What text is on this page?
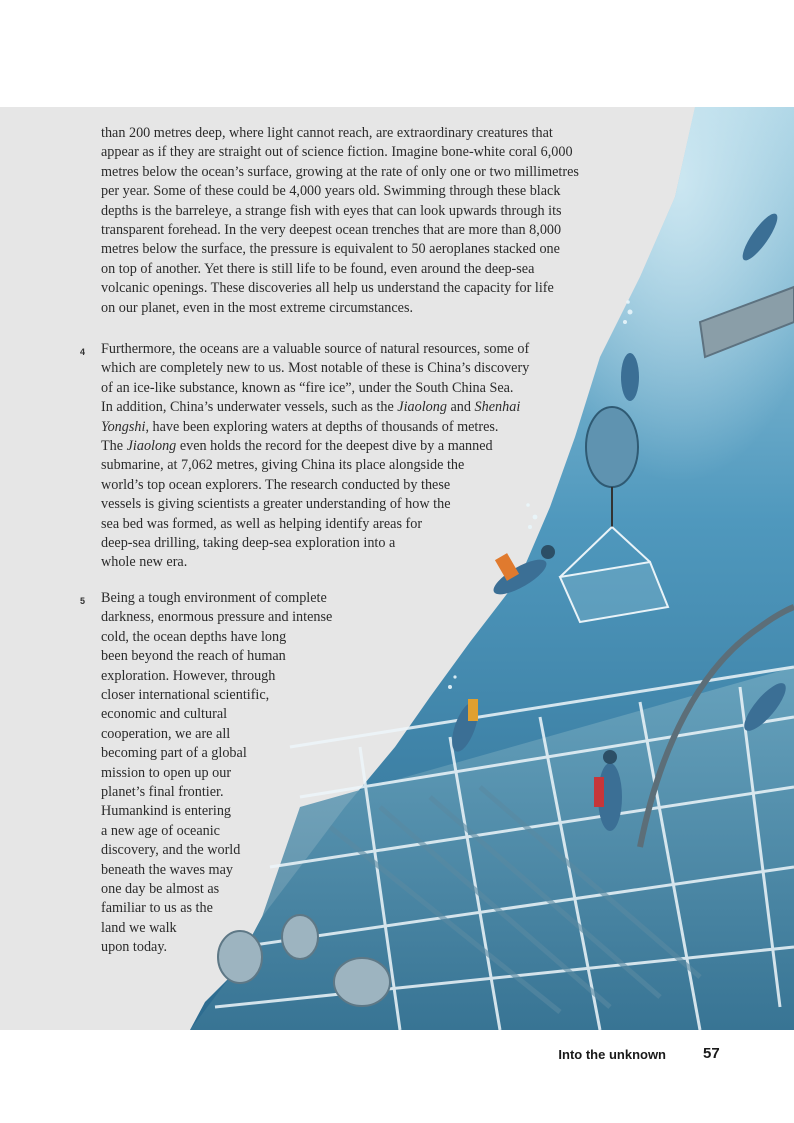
than 200 metres deep, where light cannot reach, are extraordinary creatures that
appear as if they are straight out of science fiction. Imagine bone-white coral 6,000
metres below the ocean’s surface, growing at the rate of only one or two millimetres
per year. Some of these could be 4,000 years old. Swimming through these black
depths is the barreleye, a strange fish with eyes that can look upwards through its
transparent forehead. In the very deepest ocean trenches that are more than 8,000
metres below the surface, the pressure is equivalent to 50 aeroplanes stacked one
on top of another. Yet there is still life to be found, even around the deep-sea
volcanic openings. These discoveries all help us understand the capacity for life
on our planet, even in the most extreme circumstances.
4 Furthermore, the oceans are a valuable source of natural resources, some of
which are completely new to us. Most notable of these is China’s discovery
of an ice-like substance, known as “fire ice”, under the South China Sea.
In addition, China’s underwater vessels, such as the Jiaolong and Shenhai
Yongshi, have been exploring waters at depths of thousands of metres.
The Jiaolong even holds the record for the deepest dive by a manned
submarine, at 7,062 metres, giving China its place alongside the
world’s top ocean explorers. The research conducted by these
vessels is giving scientists a greater understanding of how the
sea bed was formed, as well as helping identify areas for
deep-sea drilling, taking deep-sea exploration into a
whole new era.
5 Being a tough environment of complete
darkness, enormous pressure and intense
cold, the ocean depths have long
been beyond the reach of human
exploration. However, through
closer international scientific,
economic and cultural
cooperation, we are all
becoming part of a global
mission to open up our
planet’s final frontier.
Humankind is entering
a new age of oceanic
discovery, and the world
beneath the waves may
one day be almost as
familiar to us as the
land we walk
upon today.
Into the unknown 57
